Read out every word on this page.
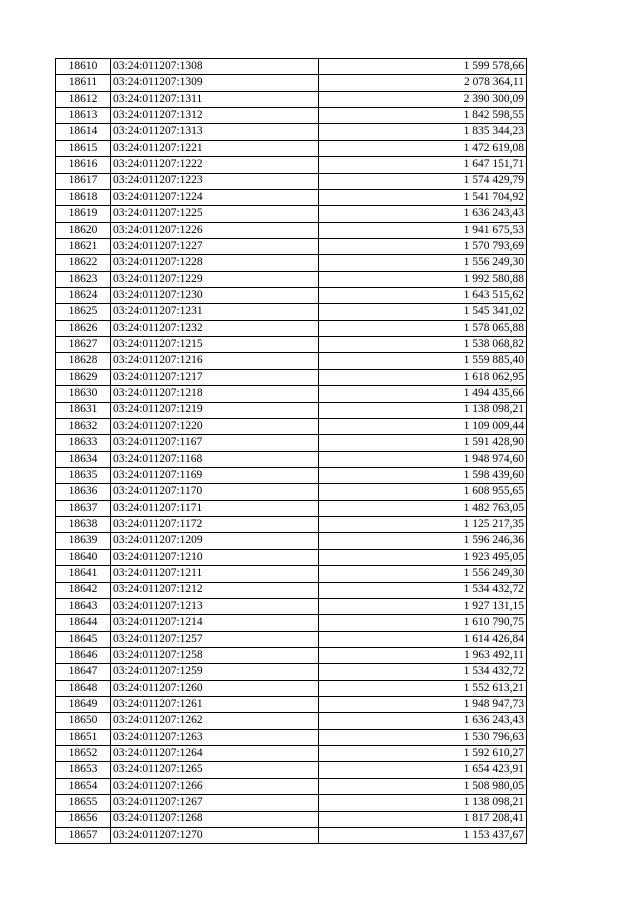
18610	03:24:011207:1308	1 599 578,66
18611	03:24:011207:1309	2 078 364,11
18612	03:24:011207:1311	2 390 300,09
18613	03:24:011207:1312	1 842 598,55
18614	03:24:011207:1313	1 835 344,23
18615	03:24:011207:1221	1 472 619,08
18616	03:24:011207:1222	1 647 151,71
18617	03:24:011207:1223	1 574 429,79
18618	03:24:011207:1224	1 541 704,92
18619	03:24:011207:1225	1 636 243,43
18620	03:24:011207:1226	1 941 675,53
18621	03:24:011207:1227	1 570 793,69
18622	03:24:011207:1228	1 556 249,30
18623	03:24:011207:1229	1 992 580,88
18624	03:24:011207:1230	1 643 515,62
18625	03:24:011207:1231	1 545 341,02
18626	03:24:011207:1232	1 578 065,88
18627	03:24:011207:1215	1 538 068,82
18628	03:24:011207:1216	1 559 885,40
18629	03:24:011207:1217	1 618 062,95
18630	03:24:011207:1218	1 494 435,66
18631	03:24:011207:1219	1 138 098,21
18632	03:24:011207:1220	1 109 009,44
18633	03:24:011207:1167	1 591 428,90
18634	03:24:011207:1168	1 948 974,60
18635	03:24:011207:1169	1 598 439,60
18636	03:24:011207:1170	1 608 955,65
18637	03:24:011207:1171	1 482 763,05
18638	03:24:011207:1172	1 125 217,35
18639	03:24:011207:1209	1 596 246,36
18640	03:24:011207:1210	1 923 495,05
18641	03:24:011207:1211	1 556 249,30
18642	03:24:011207:1212	1 534 432,72
18643	03:24:011207:1213	1 927 131,15
18644	03:24:011207:1214	1 610 790,75
18645	03:24:011207:1257	1 614 426,84
18646	03:24:011207:1258	1 963 492,11
18647	03:24:011207:1259	1 534 432,72
18648	03:24:011207:1260	1 552 613,21
18649	03:24:011207:1261	1 948 947,73
18650	03:24:011207:1262	1 636 243,43
18651	03:24:011207:1263	1 530 796,63
18652	03:24:011207:1264	1 592 610,27
18653	03:24:011207:1265	1 654 423,91
18654	03:24:011207:1266	1 508 980,05
18655	03:24:011207:1267	1 138 098,21
18656	03:24:011207:1268	1 817 208,41
18657	03:24:011207:1270	1 153 437,67
